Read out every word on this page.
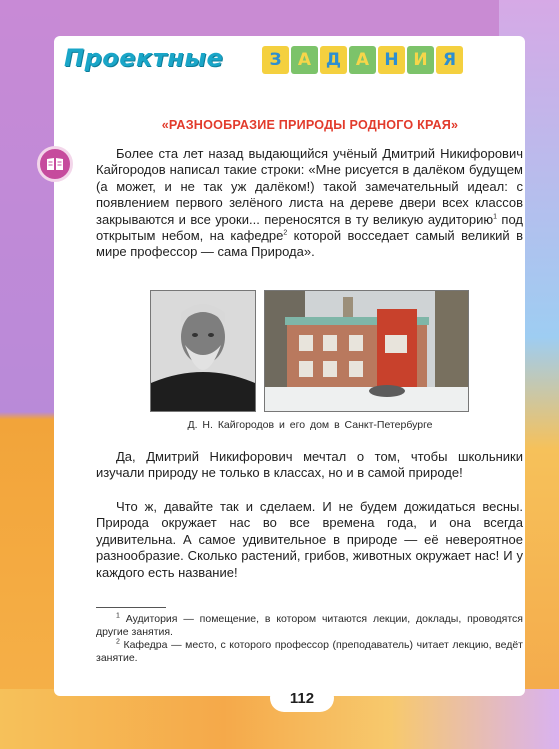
Проектные	З А Д А Н И Я
«РАЗНООБРАЗИЕ ПРИРОДЫ РОДНОГО КРАЯ»

Более ста лет назад выдающийся учёный Дмитрий Никифорович Кайгородов написал такие строки: «Мне рисуется в далёком будущем (а может, и не так уж далёком!) такой замечательный идеал: с появлением первого зелёного листа на дереве двери всех классов закрываются и все уроки... переносятся в ту великую аудиторию$^1$ под открытым небом, на кафедре$^2$ которой восседает самый великий в мире профессор — сама Природа».

Д. Н. Кайгородов и его дом в Санкт-Петербурге

Да, Дмитрий Никифорович мечтал о том, чтобы школьники изучали природу не только в классах, но и в самой природе!

Что ж, давайте так и сделаем. И не будем дожидаться весны. Природа окружает нас во все времена года, и она всегда удивительна. А самое удивительное в природе — её невероятное разнообразие. Сколько растений, грибов, животных окружает нас! И у каждого есть название!

$^1$ Аудитория — помещение, в котором читаются лекции, доклады, проводятся другие занятия.

$^2$ Кафедра — место, с которого профессор (преподаватель) читает лекцию, ведёт занятие.

112
